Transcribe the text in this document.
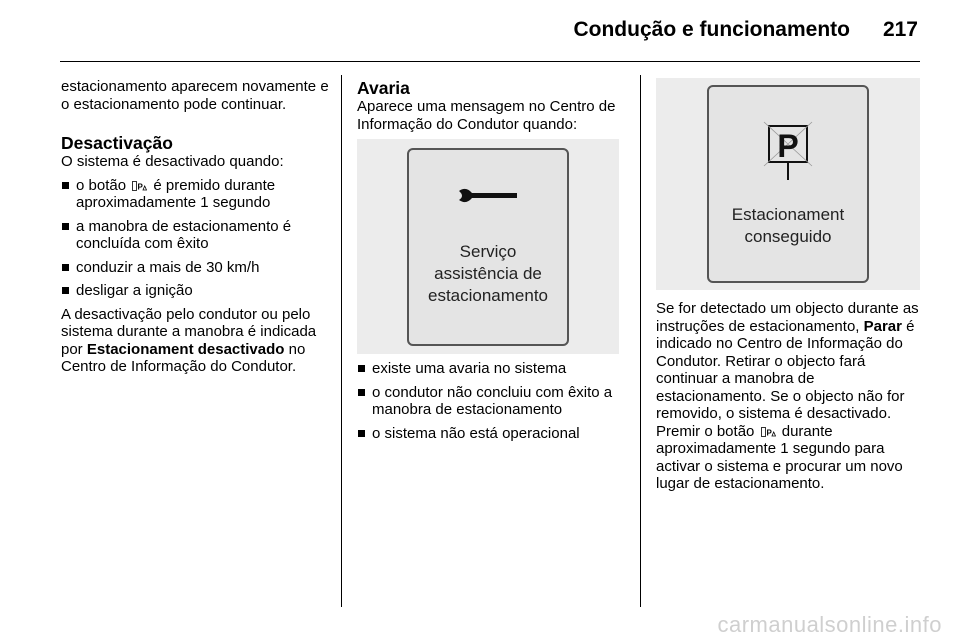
Condução e funcionamento 217

estacionamento aparecem novamente e o estacionamento pode continuar.

Desactivação

O sistema é desactivado quando:

o botão P é premido durante aproximadamente 1 segundo
a manobra de estacionamento é concluída com êxito
conduzir a mais de 30 km/h
desligar a ignição

A desactivação pelo condutor ou pelo sistema durante a manobra é indicada por Estacionament desactivado no Centro de Informação do Condutor.

Avaria

Aparece uma mensagem no Centro de Informação do Condutor quando:

Serviço
assistência de
estacionamento
existe uma avaria no sistema
o condutor não concluiu com êxito a manobra de estacionamento
o sistema não está operacional
P
Estacionament
conseguido

Se for detectado um objecto durante as instruções de estacionamento, Parar é indicado no Centro de Informação do Condutor. Retirar o objecto fará continuar a manobra de estacionamento. Se o objecto não for removido, o sistema é desactivado. Premir o botão P durante aproximadamente 1 segundo para activar o sistema e procurar um novo lugar de estacionamento.

carmanualsonline.info
